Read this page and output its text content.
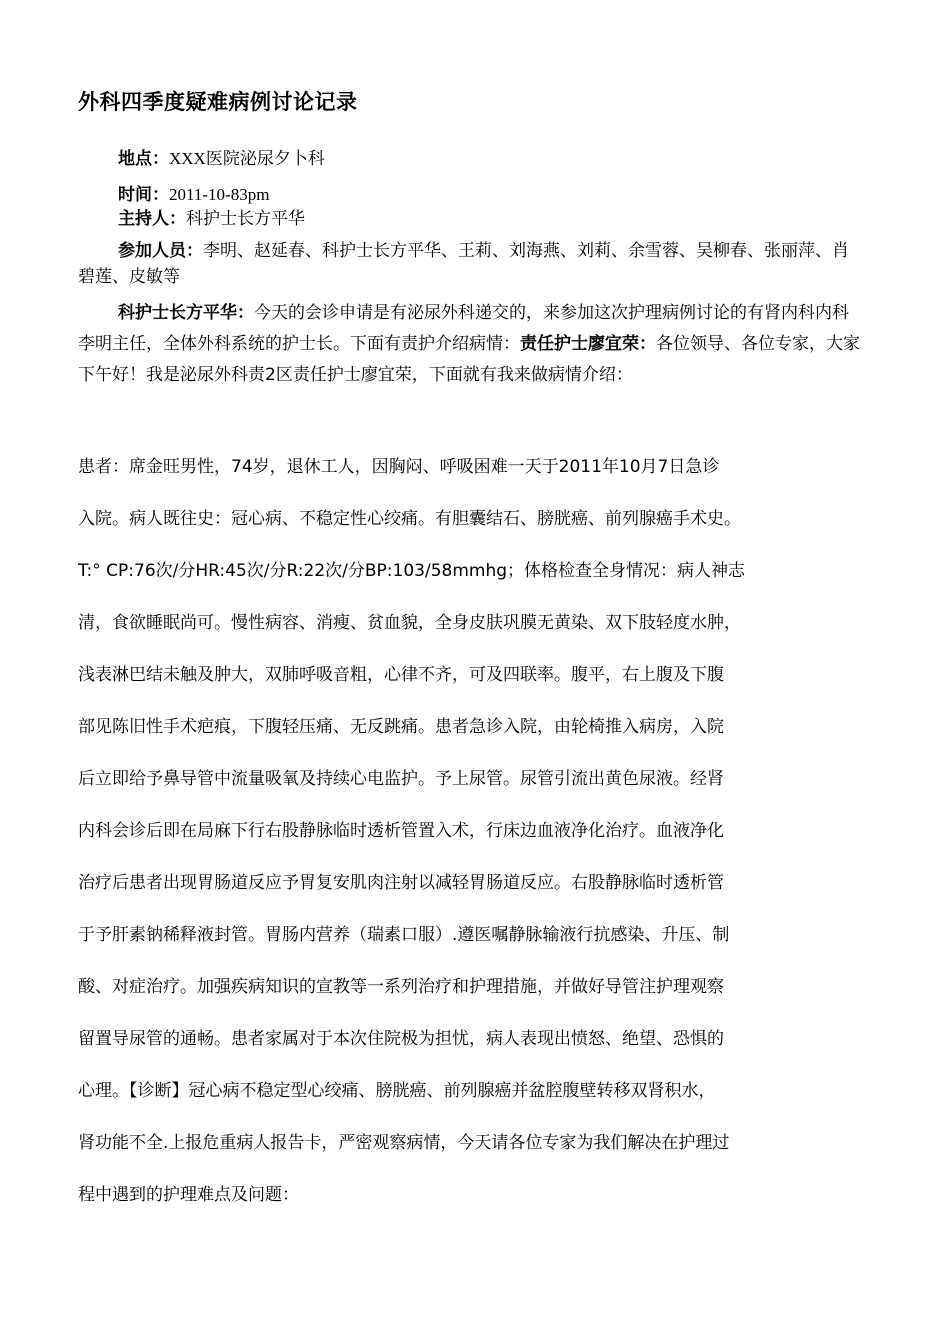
外科四季度疑难病例讨论记录
地点：XXX医院泌尿夕卜科
时间：2011-10-83pm
主持人：科护士长方平华
参加人员：李明、赵延春、科护士长方平华、王莉、刘海燕、刘莉、余雪蓉、吴柳春、张丽萍、肖碧莲、皮敏等
科护士长方平华：今天的会诊申请是有泌尿外科递交的，来参加这次护理病例讨论的有肾内科内科李明主任，全体外科系统的护士长。下面有责护介绍病情：责任护士廖宜荣：各位领导、各位专家，大家下午好！我是泌尿外科责2区责任护士廖宜荣，下面就有我来做病情介绍：
患者：席金旺男性，74岁，退休工人，因胸闷、呼吸困难一天于2011年10月7日急诊
入院。病人既往史：冠心病、不稳定性心绞痛。有胆囊结石、膀胱癌、前列腺癌手术史。
T:° CP:76次/分HR:45次/分R:22次/分BP:103/58mmhg；体格检查全身情况：病人神志
清，食欲睡眠尚可。慢性病容、消瘦、贫血貌，全身皮肤巩膜无黄染、双下肢轻度水肿，
浅表淋巴结未触及肿大，双肺呼吸音粗，心律不齐，可及四联率。腹平，右上腹及下腹
部见陈旧性手术疤痕，下腹轻压痛、无反跳痛。患者急诊入院，由轮椅推入病房，入院
后立即给予鼻导管中流量吸氧及持续心电监护。予上尿管。尿管引流出黄色尿液。经肾
内科会诊后即在局麻下行右股静脉临时透析管置入术，行床边血液净化治疗。血液净化
治疗后患者出现胃肠道反应予胃复安肌肉注射以减轻胃肠道反应。右股静脉临时透析管
于予肝素钠稀释液封管。胃肠内营养（瑞素口服）.遵医嘱静脉输液行抗感染、升压、制
酸、对症治疗。加强疾病知识的宣教等一系列治疗和护理措施，并做好导管注护理观察
留置导尿管的通畅。患者家属对于本次住院极为担忧，病人表现出愤怒、绝望、恐惧的
心理。【诊断】冠心病不稳定型心绞痛、膀胱癌、前列腺癌并盆腔腹壁转移双肾积水，
肾功能不全.上报危重病人报告卡，严密观察病情，今天请各位专家为我们解决在护理过
程中遇到的护理难点及问题：
